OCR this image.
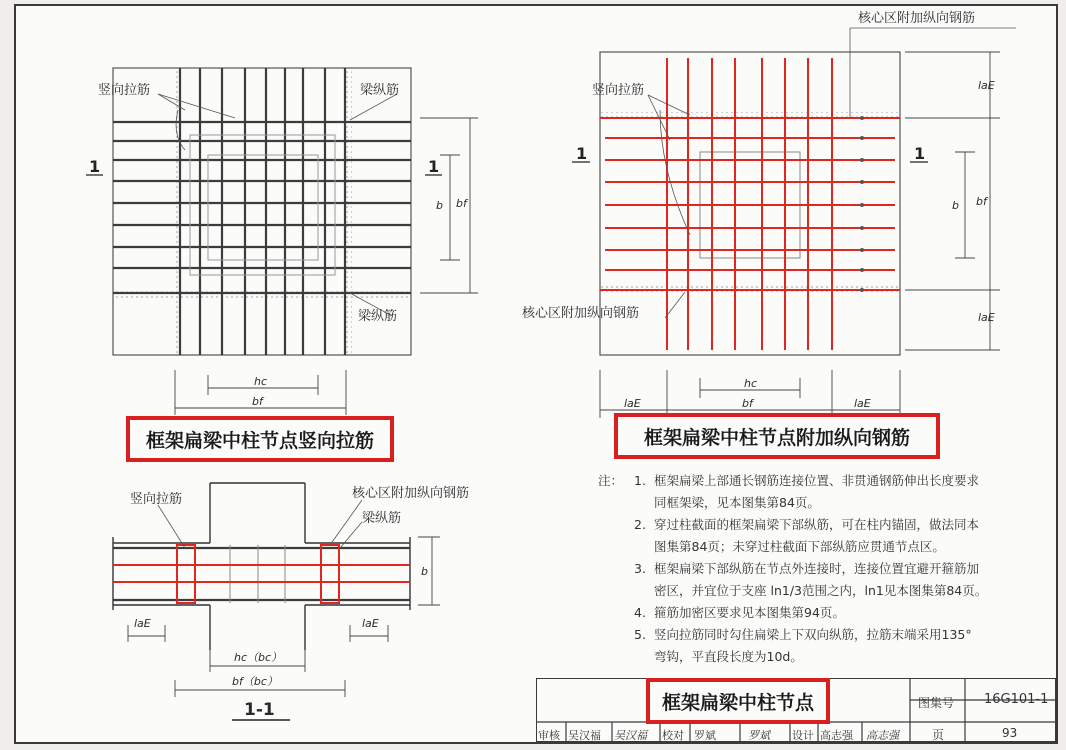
竖向拉筋	梁纵筋
梁纵筋
1	1
b bf
hc
bf
框架扁梁中柱节点竖向拉筋
核心区附加纵向钢筋
竖向拉筋
核心区附加纵向钢筋
1	1
laE
b bf
laE
hc
bf
laE	laE
框架扁梁中柱节点附加纵向钢筋
竖向拉筋	核心区附加纵向钢筋
梁纵筋
b
laE	laE
hc（bc）
bf（bc）
1-1
注： 1. 框架扁梁上部通长钢筋连接位置、非贯通钢筋伸出长度要求
同框架梁，见本图集第84页。
2. 穿过柱截面的框架扁梁下部纵筋，可在柱内锚固，做法同本
图集第84页；未穿过柱截面下部纵筋应贯通节点区。
3. 框架扁梁下部纵筋在节点外连接时，连接位置宜避开箍筋加
密区，并宜位于支座 ln1/3范围之内，ln1见本图集第84页。
4. 箍筋加密区要求见本图集第94页。
5. 竖向拉筋同时勾住扁梁上下双向纵筋，拉筋末端采用135°
弯钩，平直段长度为10d。
框架扁梁中柱节点	图集号 16G101-1
页	93
审核 吴汉福 吴汉福 校对 罗斌	罗斌 设计 高志强 高志强
